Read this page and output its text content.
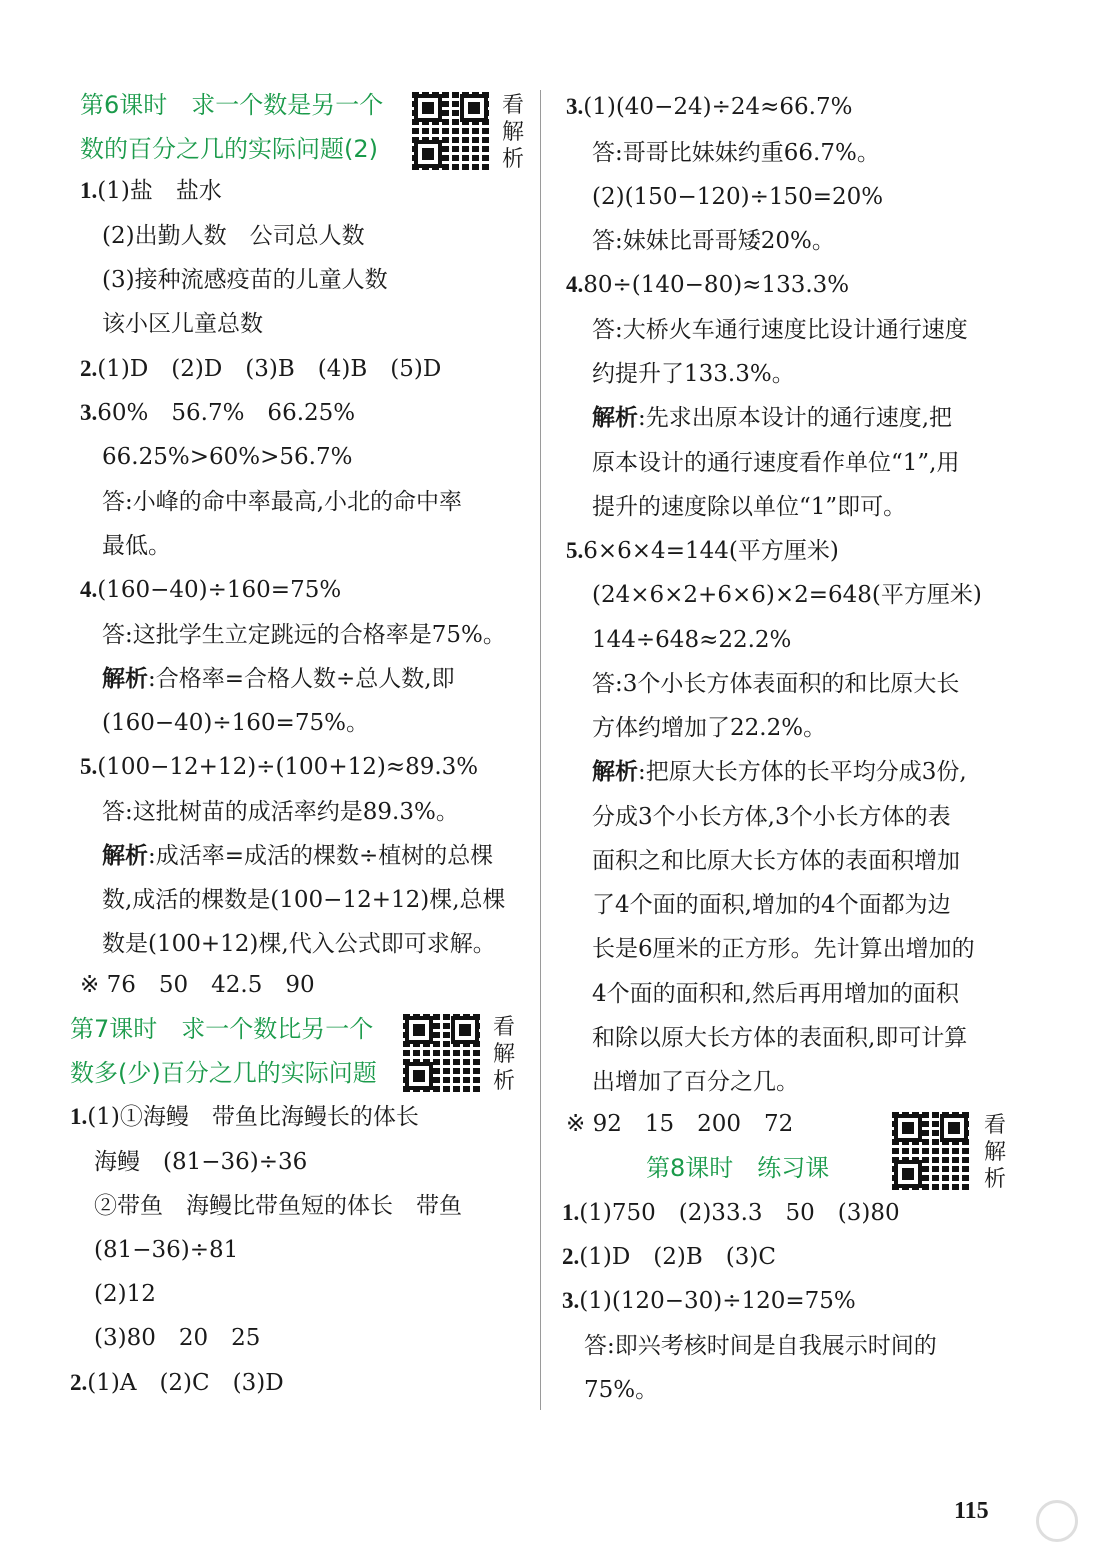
第6课时　求一个数是另一个
数的百分之几的实际问题(2)
看
解
析
1.(1)盐　盐水
(2)出勤人数　公司总人数
(3)接种流感疫苗的儿童人数
该小区儿童总数
2.(1)D　(2)D　(3)B　(4)B　(5)D
3.60%　56.7%　66.25%
66.25%>60%>56.7%
答:小峰的命中率最高,小北的命中率
最低。
4.(160−40)÷160=75%
答:这批学生立定跳远的合格率是75%。
解析:合格率=合格人数÷总人数,即
(160−40)÷160=75%。
5.(100−12+12)÷(100+12)≈89.3%
答:这批树苗的成活率约是89.3%。
解析:成活率=成活的棵数÷植树的总棵
数,成活的棵数是(100−12+12)棵,总棵
数是(100+12)棵,代入公式即可求解。
※ 76　50　42.5　90
第7课时　求一个数比另一个
数多(少)百分之几的实际问题
看
解
析
1.(1)①海鳗　带鱼比海鳗长的体长
海鳗　(81−36)÷36
②带鱼　海鳗比带鱼短的体长　带鱼
(81−36)÷81
(2)12
(3)80　20　25
2.(1)A　(2)C　(3)D
3.(1)(40−24)÷24≈66.7%
答:哥哥比妹妹约重66.7%。
(2)(150−120)÷150=20%
答:妹妹比哥哥矮20%。
4.80÷(140−80)≈133.3%
答:大桥火车通行速度比设计通行速度
约提升了133.3%。
解析:先求出原本设计的通行速度,把
原本设计的通行速度看作单位“1”,用
提升的速度除以单位“1”即可。
5.6×6×4=144(平方厘米)
(24×6×2+6×6)×2=648(平方厘米)
144÷648≈22.2%
答:3个小长方体表面积的和比原大长
方体约增加了22.2%。
解析:把原大长方体的长平均分成3份,
分成3个小长方体,3个小长方体的表
面积之和比原大长方体的表面积增加
了4个面的面积,增加的4个面都为边
长是6厘米的正方形。先计算出增加的
4个面的面积和,然后再用增加的面积
和除以原大长方体的表面积,即可计算
出增加了百分之几。
※ 92　15　200　72
第8课时　练习课
看
解
析
1.(1)750　(2)33.3　50　(3)80
2.(1)D　(2)B　(3)C
3.(1)(120−30)÷120=75%
答:即兴考核时间是自我展示时间的
75%。
115
